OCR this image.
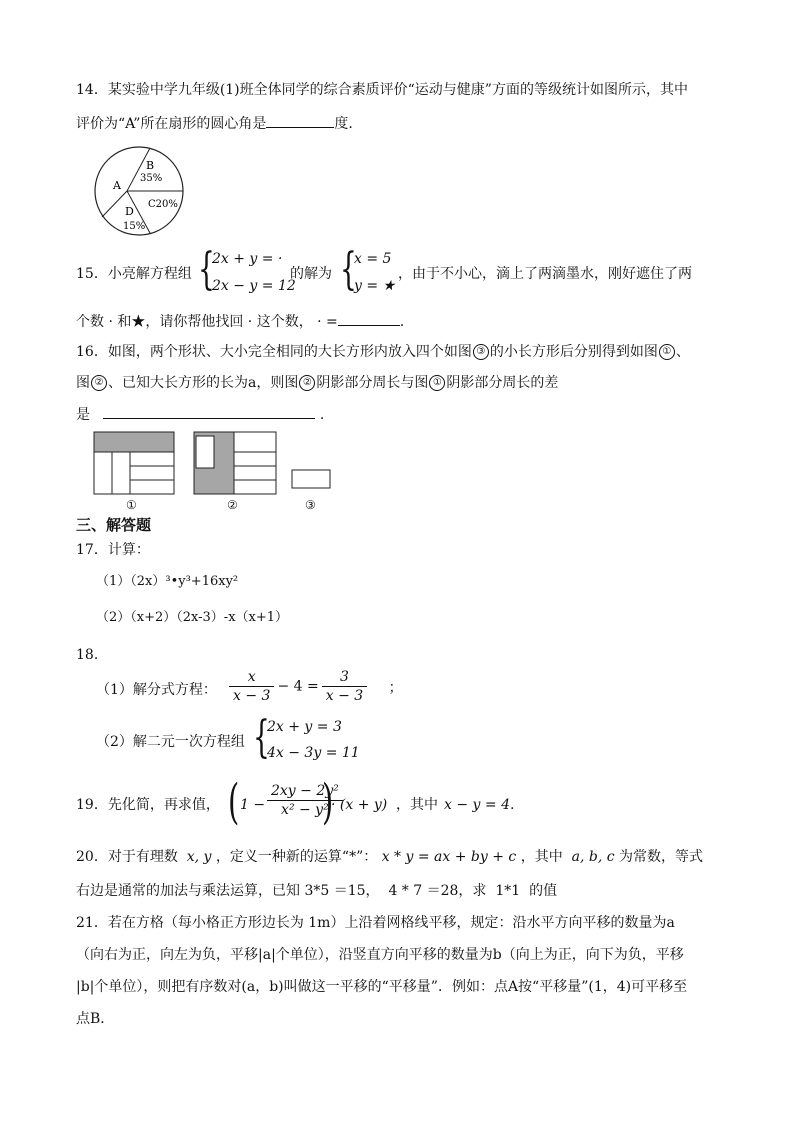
14．某实验中学九年级(1)班全体同学的综合素质评价“运动与健康”方面的等级统计如图所示，其中
评价为“A”所在扇形的圆心角是	度.
A
B
35%
C20%
D
15%
15．小亮解方程组 {
2x + y = ·
2x − y = 12
的解为 {
x = 5
y = ★
，由于不小心，滴上了两滴墨水，刚好遮住了两
个数 · 和★，请你帮他找回 · 这个数， · =	.
16．如图，两个形状、大小完全相同的大长方形内放入四个如图 ③ 的小长方形后分别得到如图 ① 、
图 ② 、已知大长方形的长为a，则图 ② 阴影部分周长与图 ① 阴影部分周长的差
是	.
①	②	③
三、解答题
17．计算：
（1）（2x）³•y³+16xy²
（2）（x+2）（2x-3）-x（x+1）
18．
（1）解分式方程： $\frac{x}{x - 3} - 4 = \frac{3}{x - 3}$ ；
（2）解二元一次方程组 {
2x + y = 3
4x − 3y = 11
19．先化简，再求值， ( $1 - \frac{\text{2xy − 2y²}}{\text{x² − y²}}$
)
· (x + y) ，其中 x − y = 4 .
20．对于有理数 x, y ，定义一种新的运算“*”： x * y = ax + by + c ，其中 a, b, c 为常数，等式
右边是通常的加法与乘法运算，已知 3*5 ＝15， 4 * 7 ＝28，求 1*1 的值
21．若在方格（每小格正方形边长为 1m）上沿着网格线平移，规定：沿水平方向平移的数量为a
（向右为正，向左为负，平移|a|个单位），沿竖直方向平移的数量为b（向上为正，向下为负，平移
|b|个单位），则把有序数对(a，b)叫做这一平移的“平移量”．例如：点A按“平移量”(1，4)可平移至
点B．
